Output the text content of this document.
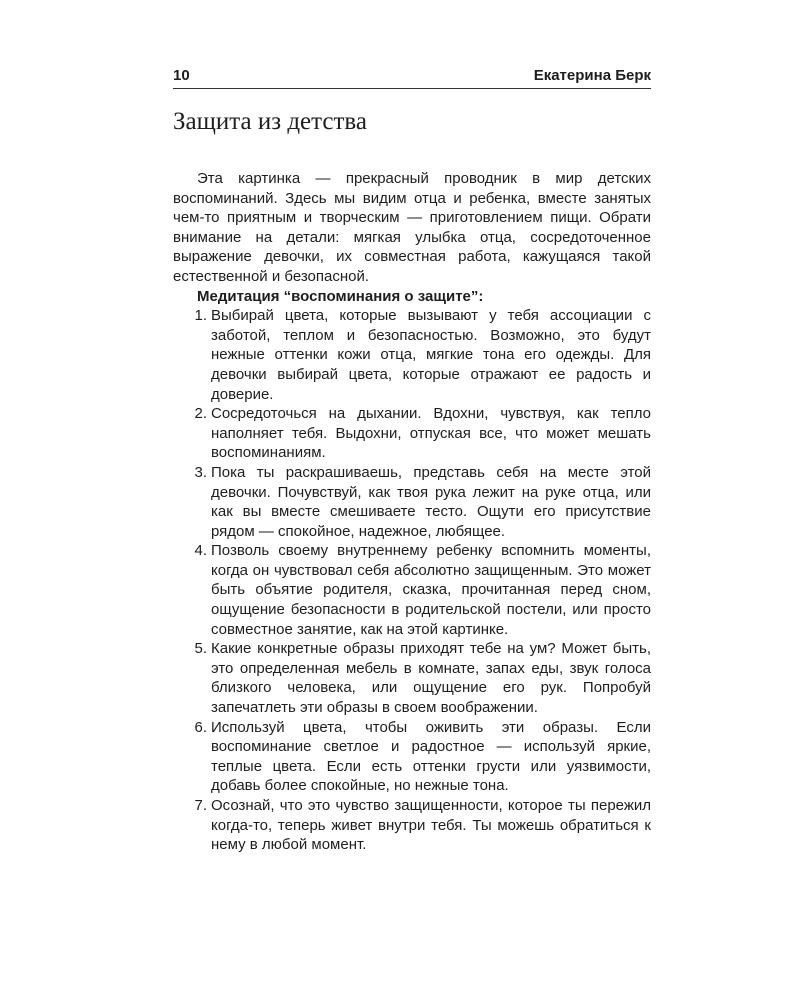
10	Екатерина Берк
Защита из детства

Эта картинка — прекрасный проводник в мир детских воспоминаний. Здесь мы видим отца и ребенка, вместе занятых чем-то приятным и творческим — приготовлением пищи. Обрати внимание на детали: мягкая улыбка отца, сосредоточенное выражение девочки, их совместная работа, кажущаяся такой естественной и безопасной.

Медитация “воспоминания о защите”:

1. Выбирай цвета, которые вызывают у тебя ассоциации с заботой, теплом и безопасностью. Возможно, это будут нежные оттенки кожи отца, мягкие тона его одежды. Для девочки выбирай цвета, которые отражают ее радость и доверие.
2. Сосредоточься на дыхании. Вдохни, чувствуя, как тепло наполняет тебя. Выдохни, отпуская все, что может мешать воспоминаниям.
3. Пока ты раскрашиваешь, представь себя на месте этой девочки. Почувствуй, как твоя рука лежит на руке отца, или как вы вместе смешиваете тесто. Ощути его присутствие рядом — спокойное, надежное, любящее.
4. Позволь своему внутреннему ребенку вспомнить моменты, когда он чувствовал себя абсолютно защищенным. Это может быть объятие родителя, сказка, прочитанная перед сном, ощущение безопасности в родительской постели, или просто совместное занятие, как на этой картинке.
5. Какие конкретные образы приходят тебе на ум? Может быть, это определенная мебель в комнате, запах еды, звук голоса близкого человека, или ощущение его рук. Попробуй запечатлеть эти образы в своем воображении.
6. Используй цвета, чтобы оживить эти образы. Если воспоминание светлое и радостное — используй яркие, теплые цвета. Если есть оттенки грусти или уязвимости, добавь более спокойные, но нежные тона.
7. Осознай, что это чувство защищенности, которое ты пережил когда-то, теперь живет внутри тебя. Ты можешь обратиться к нему в любой момент.
